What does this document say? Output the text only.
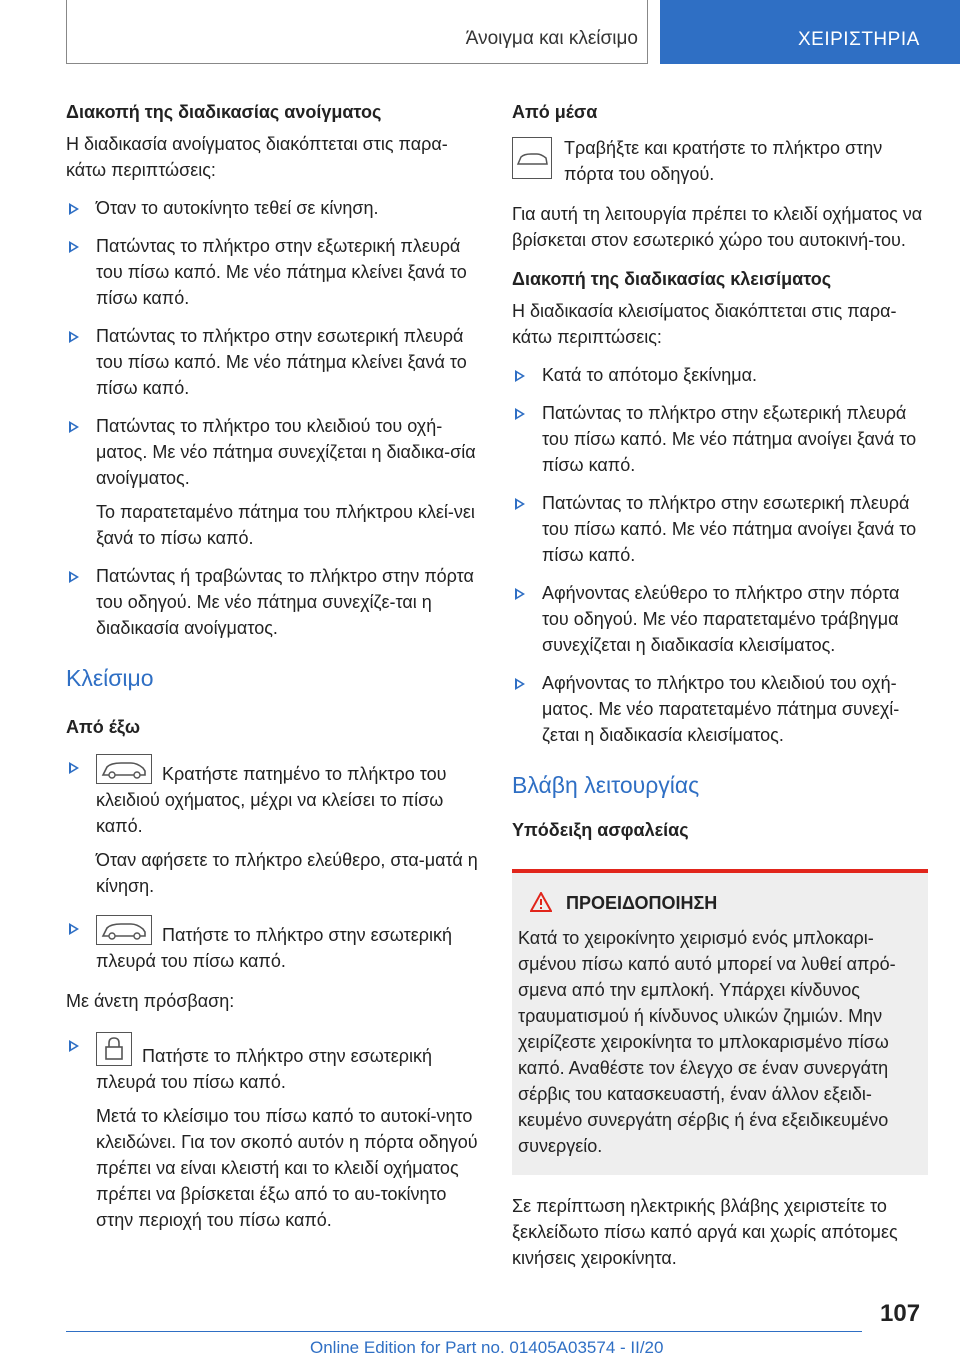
Άνοιγμα και κλείσιμο	ΧΕΙΡΙΣΤΗΡΙΑ
Διακοπή της διαδικασίας ανοίγματος

Η διαδικασία ανοίγματος διακόπτεται στις παρα-κάτω περιπτώσεις:

Όταν το αυτοκίνητο τεθεί σε κίνηση.
Πατώντας το πλήκτρο στην εξωτερική πλευρά του πίσω καπό. Με νέο πάτημα κλείνει ξανά το πίσω καπό.
Πατώντας το πλήκτρο στην εσωτερική πλευρά του πίσω καπό. Με νέο πάτημα κλείνει ξανά το πίσω καπό.
Πατώντας το πλήκτρο του κλειδιού του οχή-ματος. Με νέο πάτημα συνεχίζεται η διαδικα-σία ανοίγματος.
Το παρατεταμένο πάτημα του πλήκτρου κλεί-νει ξανά το πίσω καπό.
Πατώντας ή τραβώντας το πλήκτρο στην πόρτα του οδηγού. Με νέο πάτημα συνεχίζε-ται η διαδικασία ανοίγματος.
Κλείσιμο
Από έξω
Κρατήστε πατημένο το πλήκτρο του κλειδιού οχήματος, μέχρι να κλείσει το πίσω καπό.
Όταν αφήσετε το πλήκτρο ελεύθερο, στα-ματά η κίνηση.
Πατήστε το πλήκτρο στην εσωτερική πλευρά του πίσω καπό.

Με άνετη πρόσβαση:

Πατήστε το πλήκτρο στην εσωτερική πλευρά του πίσω καπό.
Μετά το κλείσιμο του πίσω καπό το αυτοκί-νητο κλειδώνει. Για τον σκοπό αυτόν η πόρτα οδηγού πρέπει να είναι κλειστή και το κλειδί οχήματος πρέπει να βρίσκεται έξω από το αυ-τοκίνητο στην περιοχή του πίσω καπό.
Από μέσα

Τραβήξτε και κρατήστε το πλήκτρο στην πόρτα του οδηγού.

Για αυτή τη λειτουργία πρέπει το κλειδί οχήματος να βρίσκεται στον εσωτερικό χώρο του αυτοκινή-του.

Διακοπή της διαδικασίας κλεισίματος

Η διαδικασία κλεισίματος διακόπτεται στις παρα-κάτω περιπτώσεις:

Κατά το απότομο ξεκίνημα.
Πατώντας το πλήκτρο στην εξωτερική πλευρά του πίσω καπό. Με νέο πάτημα ανοίγει ξανά το πίσω καπό.
Πατώντας το πλήκτρο στην εσωτερική πλευρά του πίσω καπό. Με νέο πάτημα ανοίγει ξανά το πίσω καπό.
Αφήνοντας ελεύθερο το πλήκτρο στην πόρτα του οδηγού. Με νέο παρατεταμένο τράβηγμα συνεχίζεται η διαδικασία κλεισίματος.
Αφήνοντας το πλήκτρο του κλειδιού του οχή-ματος. Με νέο παρατεταμένο πάτημα συνεχί-ζεται η διαδικασία κλεισίματος.
Βλάβη λειτουργίας
Υπόδειξη ασφαλείας
ΠΡΟΕΙΔΟΠΟΙΗΣΗ
Κατά το χειροκίνητο χειρισμό ενός μπλοκαρι-σμένου πίσω καπό αυτό μπορεί να λυθεί απρό-σμενα από την εμπλοκή. Υπάρχει κίνδυνος τραυματισμού ή κίνδυνος υλικών ζημιών. Μην χειρίζεστε χειροκίνητα το μπλοκαρισμένο πίσω καπό. Αναθέστε τον έλεγχο σε έναν συνεργάτη σέρβις του κατασκευαστή, έναν άλλον εξειδι-κευμένο συνεργάτη σέρβις ή ένα εξειδικευμένο συνεργείο.

Σε περίπτωση ηλεκτρικής βλάβης χειριστείτε το ξεκλείδωτο πίσω καπό αργά και χωρίς απότομες κινήσεις χειροκίνητα.

107
Online Edition for Part no. 01405A03574 - II/20
